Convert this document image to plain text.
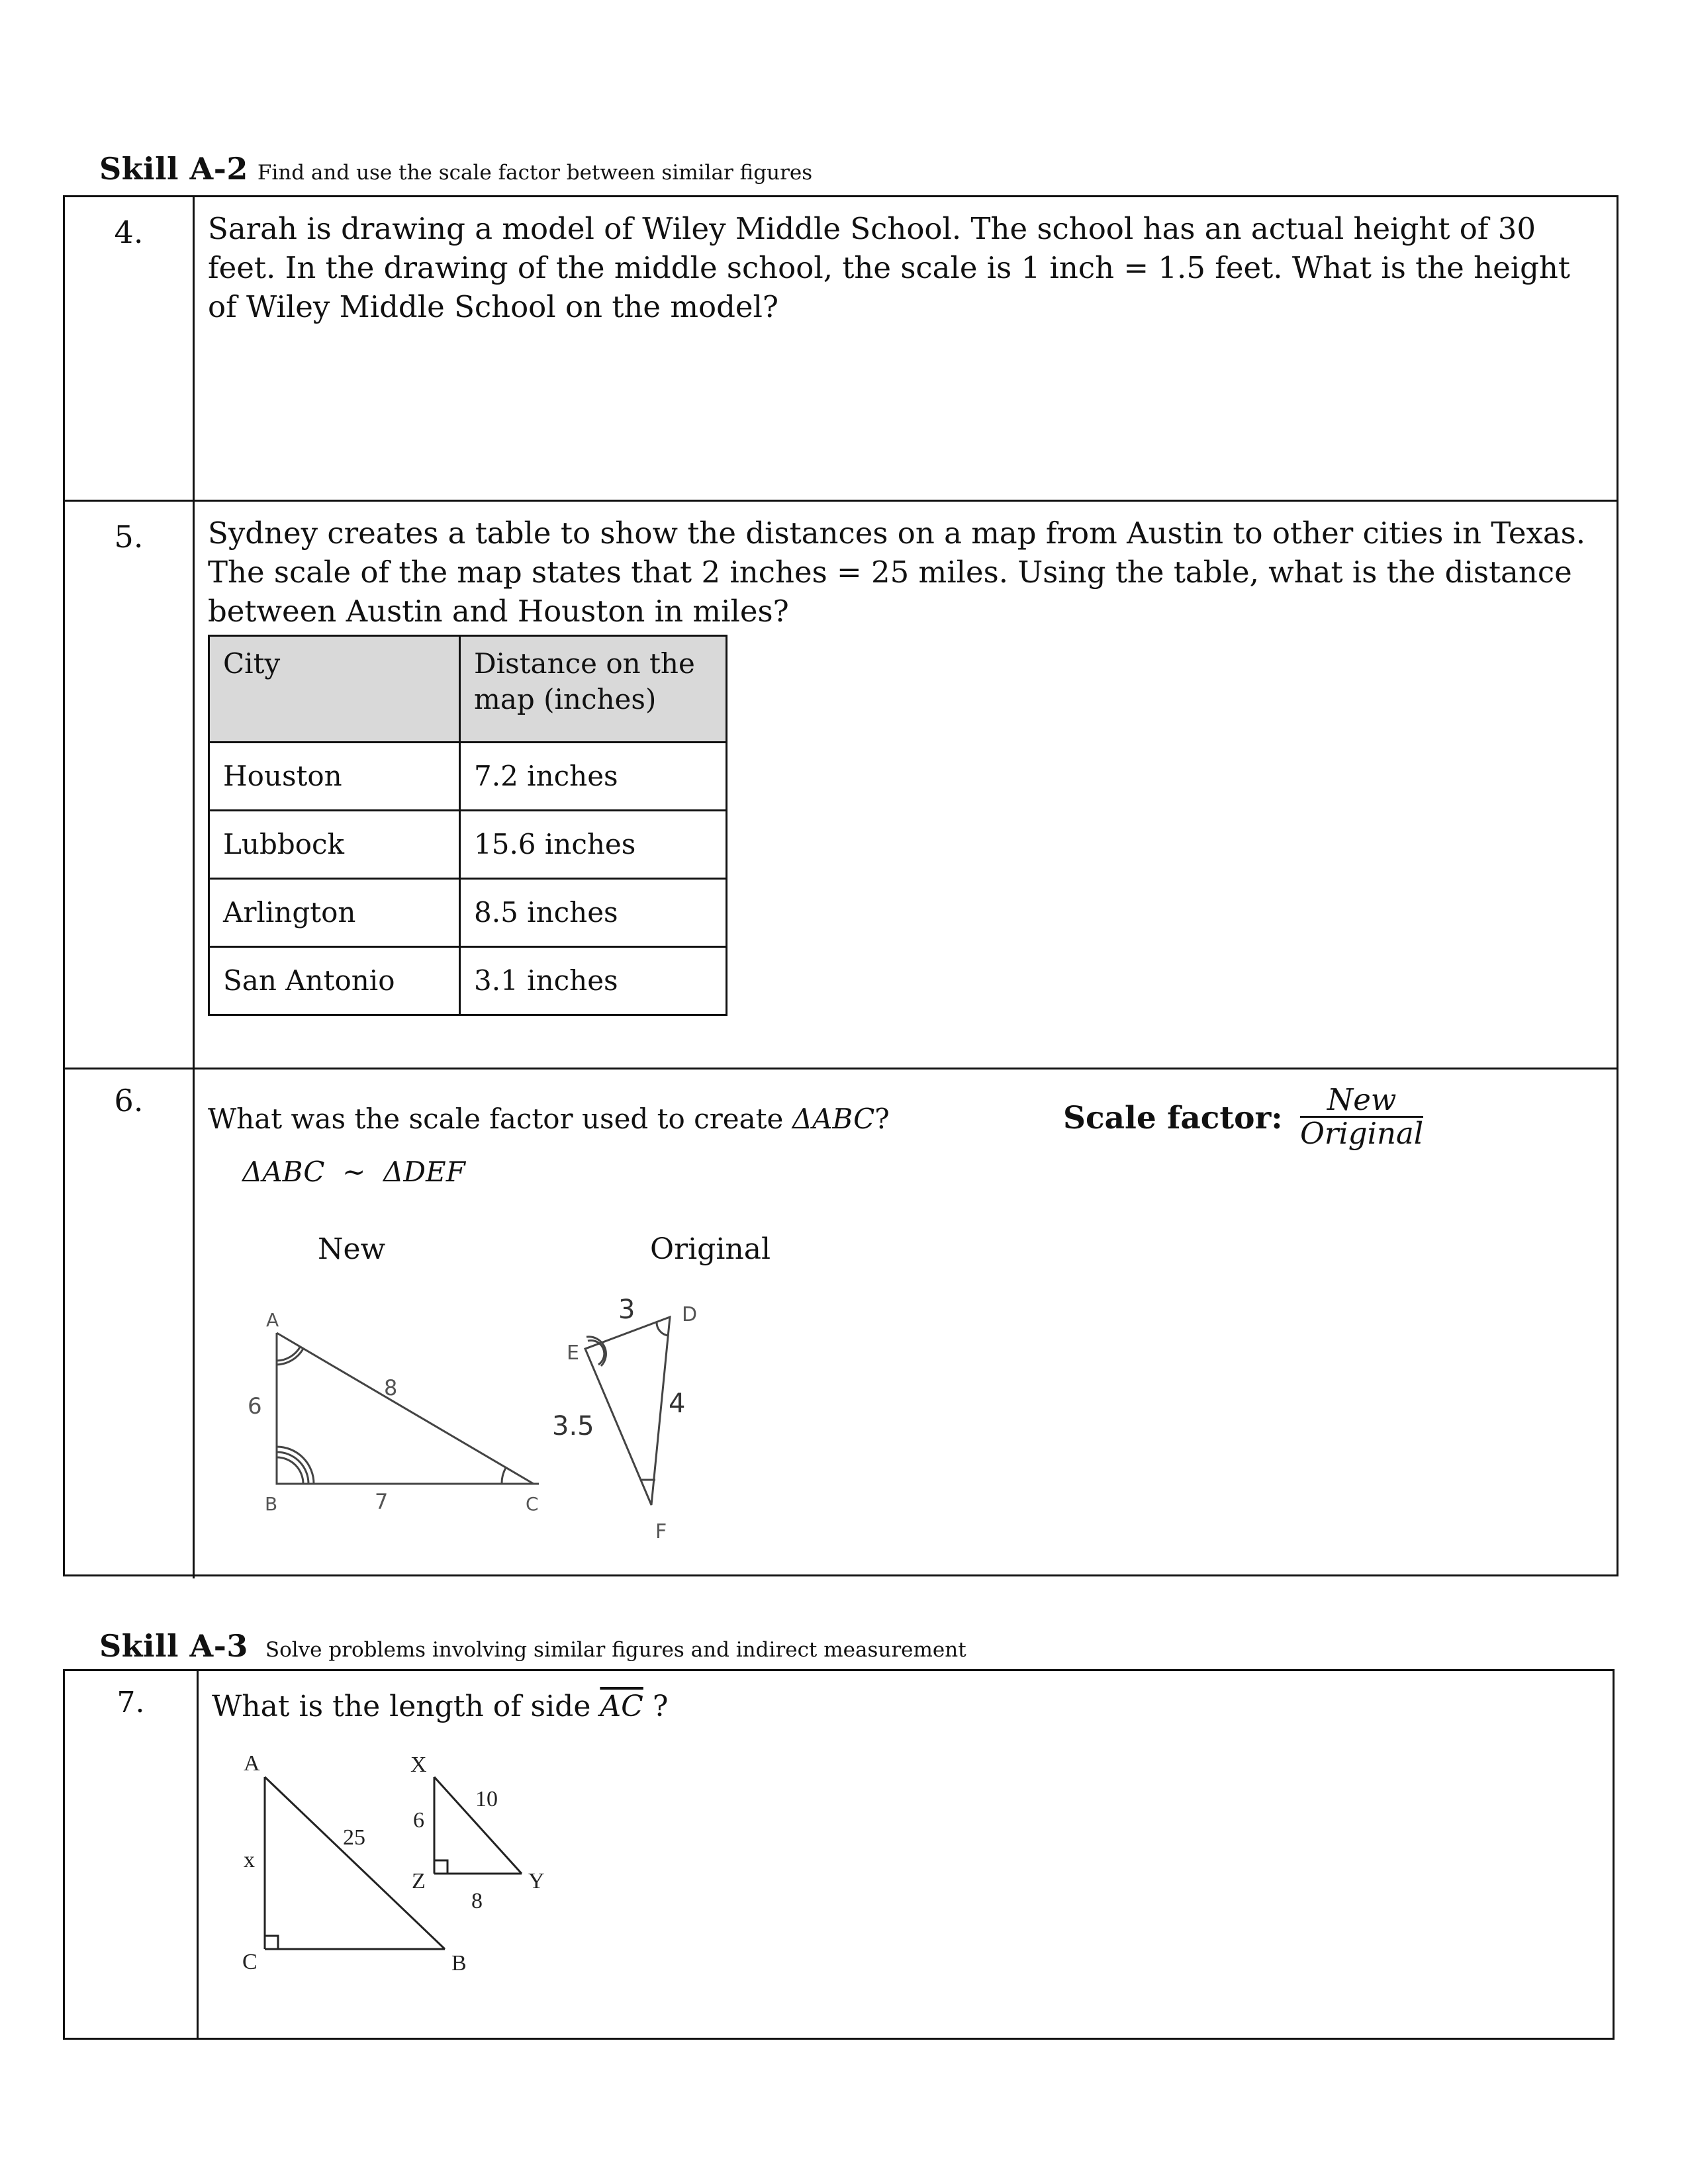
Skill A-2 Find and use the scale factor between similar figures
4.	Sarah is drawing a model of Wiley Middle School. The school has an actual height of 30 feet. In the drawing of the middle school, the scale is 1 inch = 1.5 feet. What is the height of Wiley Middle School on the model?

5.	Sydney creates a table to show the distances on a map from Austin to other cities in Texas. The scale of the map states that 2 inches = 25 miles. Using the table, what is the distance between Austin and Houston in miles?

City	Distance on the map (inches)
Houston	7.2 inches
Lubbock	15.6 inches
Arlington	8.5 inches
San Antonio	3.1 inches
6.
What was the scale factor used to create ΔABC?
ΔABC  ~  ΔDEF
Scale factor:
New
Original
New	Original
A
B	C
6
7
8
E
D
F
3
3.5
4
Skill A-3 Solve problems involving similar figures and indirect measurement
7.	What is the length of side $\overline{AC}$ ?
A
C	B
x
25
X
Z	Y
6
10
8
